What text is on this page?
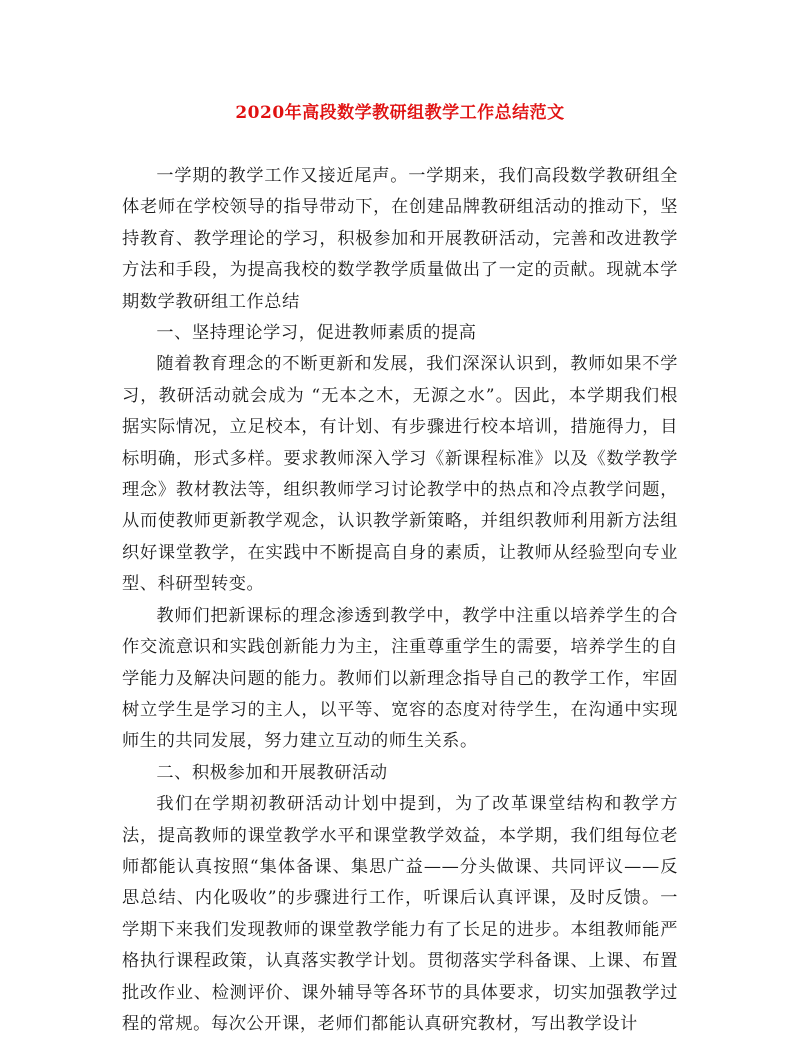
2020年高段数学教研组教学工作总结范文

一学期的教学工作又接近尾声。一学期来，我们高段数学教研组全体老师在学校领导的指导带动下，在创建品牌教研组活动的推动下，坚持教育、教学理论的学习，积极参加和开展教研活动，完善和改进教学方法和手段，为提高我校的数学教学质量做出了一定的贡献。现就本学期数学教研组工作总结

一、坚持理论学习，促进教师素质的提高

随着教育理念的不断更新和发展，我们深深认识到，教师如果不学习，教研活动就会成为 “无本之木，无源之水”。因此，本学期我们根据实际情况，立足校本，有计划、有步骤进行校本培训，措施得力，目标明确，形式多样。要求教师深入学习《新课程标准》以及《数学教学理念》教材教法等，组织教师学习讨论教学中的热点和冷点教学问题，从而使教师更新教学观念，认识教学新策略，并组织教师利用新方法组织好课堂教学，在实践中不断提高自身的素质，让教师从经验型向专业型、科研型转变。

教师们把新课标的理念渗透到教学中，教学中注重以培养学生的合作交流意识和实践创新能力为主，注重尊重学生的需要，培养学生的自学能力及解决问题的能力。教师们以新理念指导自己的教学工作，牢固树立学生是学习的主人，以平等、宽容的态度对待学生，在沟通中实现师生的共同发展，努力建立互动的师生关系。

二、积极参加和开展教研活动

我们在学期初教研活动计划中提到，为了改革课堂结构和教学方法，提高教师的课堂教学水平和课堂教学效益，本学期，我们组每位老师都能认真按照“集体备课、集思广益——分头做课、共同评议——反思总结、内化吸收”的步骤进行工作，听课后认真评课，及时反馈。一学期下来我们发现教师的课堂教学能力有了长足的进步。本组教师能严格执行课程政策，认真落实教学计划。贯彻落实学科备课、上课、布置批改作业、检测评价、课外辅导等各环节的具体要求，切实加强教学过程的常规。每次公开课，老师们都能认真研究教材，写出教学设计
